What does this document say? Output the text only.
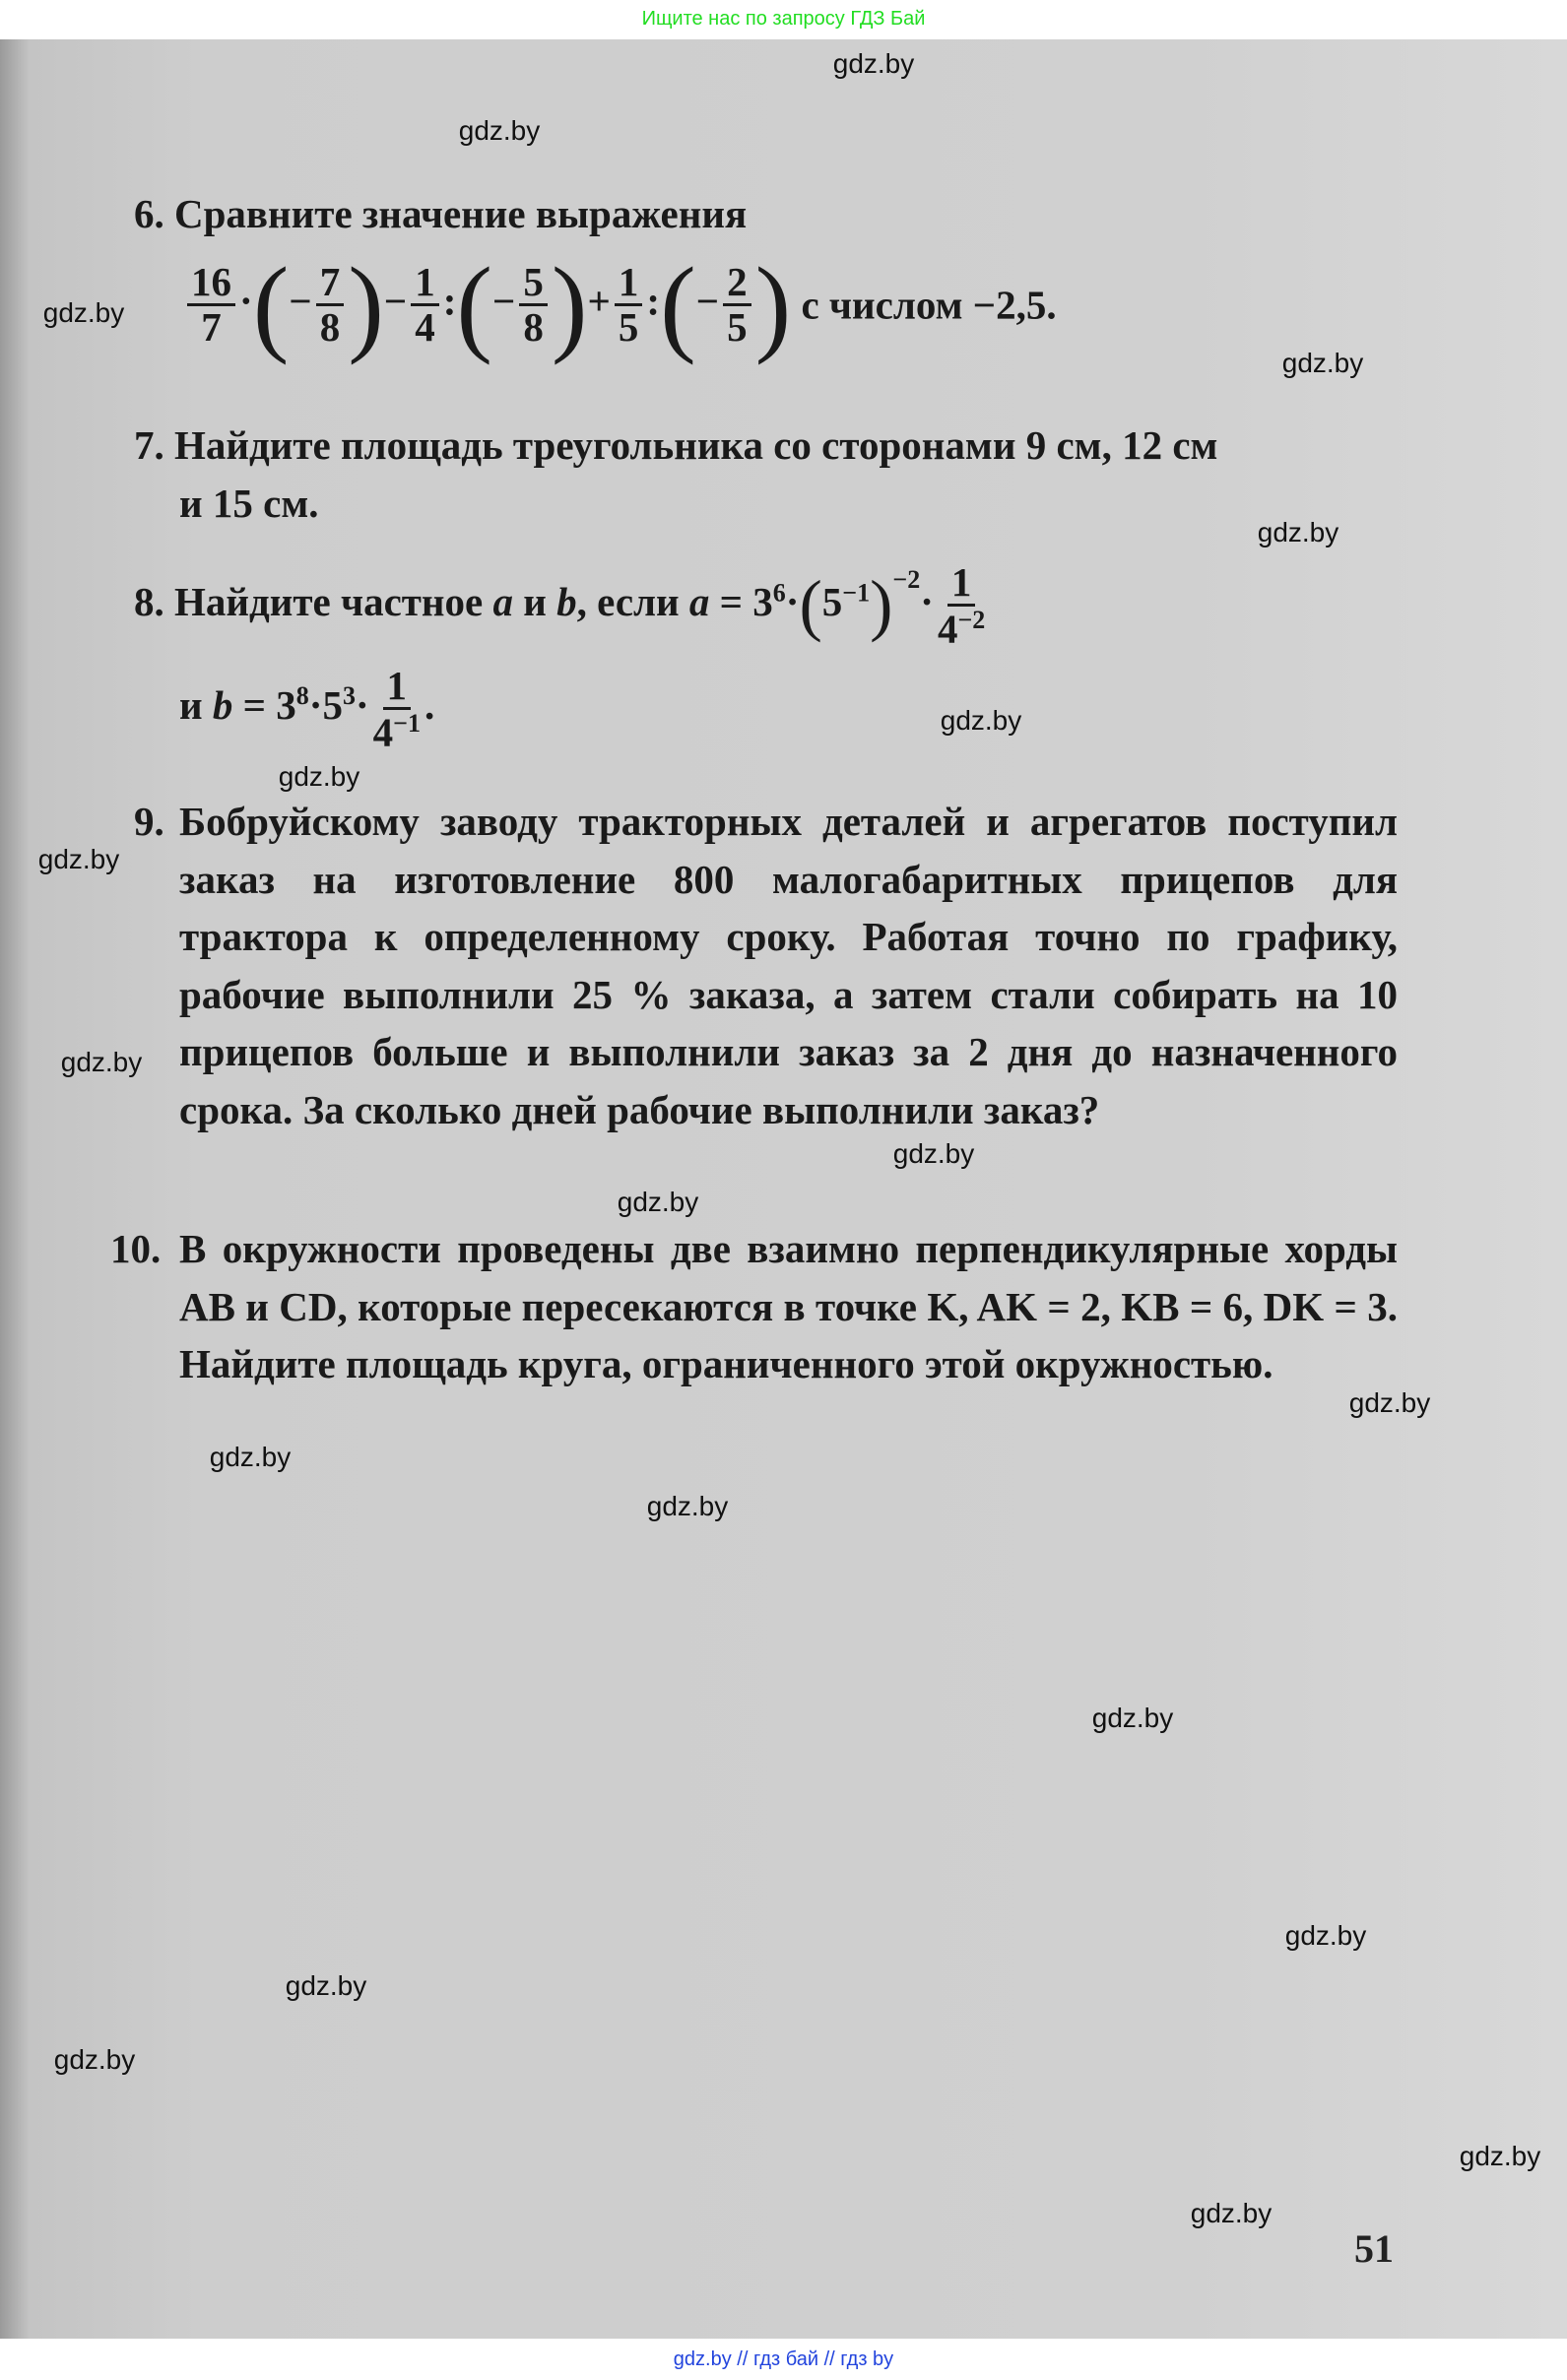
Ищите нас по запросу ГДЗ Бай
gdz.by
gdz.by
gdz.by
gdz.by
gdz.by
gdz.by
gdz.by
gdz.by
gdz.by
gdz.by
gdz.by
gdz.by
gdz.by
gdz.by
gdz.by
gdz.by
gdz.by
gdz.by
gdz.by
gdz.by
6. Сравните значение выражения
$\frac{16}{7}$ ·(− $\frac{7}{8}$ )− $\frac{1}{4}$ :(− $\frac{5}{8}$ )+ $\frac{1}{5}$ :(− $\frac{2}{5}$ ) с числом −2,5.
7. Найдите площадь треугольника со сторонами 9 см, 12 см
и 15 см.
8. Найдите частное a и b, если $a = 3^6\cdot(5^{-1})^{-2}\cdot \frac{1}{4^{-2}}$
и $b = 3^8\cdot 5^3\cdot \frac{1}{4^{-1}}$ .
9. Бобруйскому заводу тракторных деталей и агрегатов поступил заказ на изготовление 800 малогабаритных прицепов для трактора к определенному сроку. Работая точно по графику, рабочие выполнили 25 % заказа, а затем стали собирать на 10 прицепов больше и выполнили заказ за 2 дня до назначенного срока. За сколько дней рабочие выполнили заказ?
10. В окружности проведены две взаимно перпендикулярные хорды AB и CD, которые пересекаются в точке K, AK = 2, KB = 6, DK = 3. Найдите площадь круга, ограниченного этой окружностью.
51
gdz.by // гдз бай // гдз by
